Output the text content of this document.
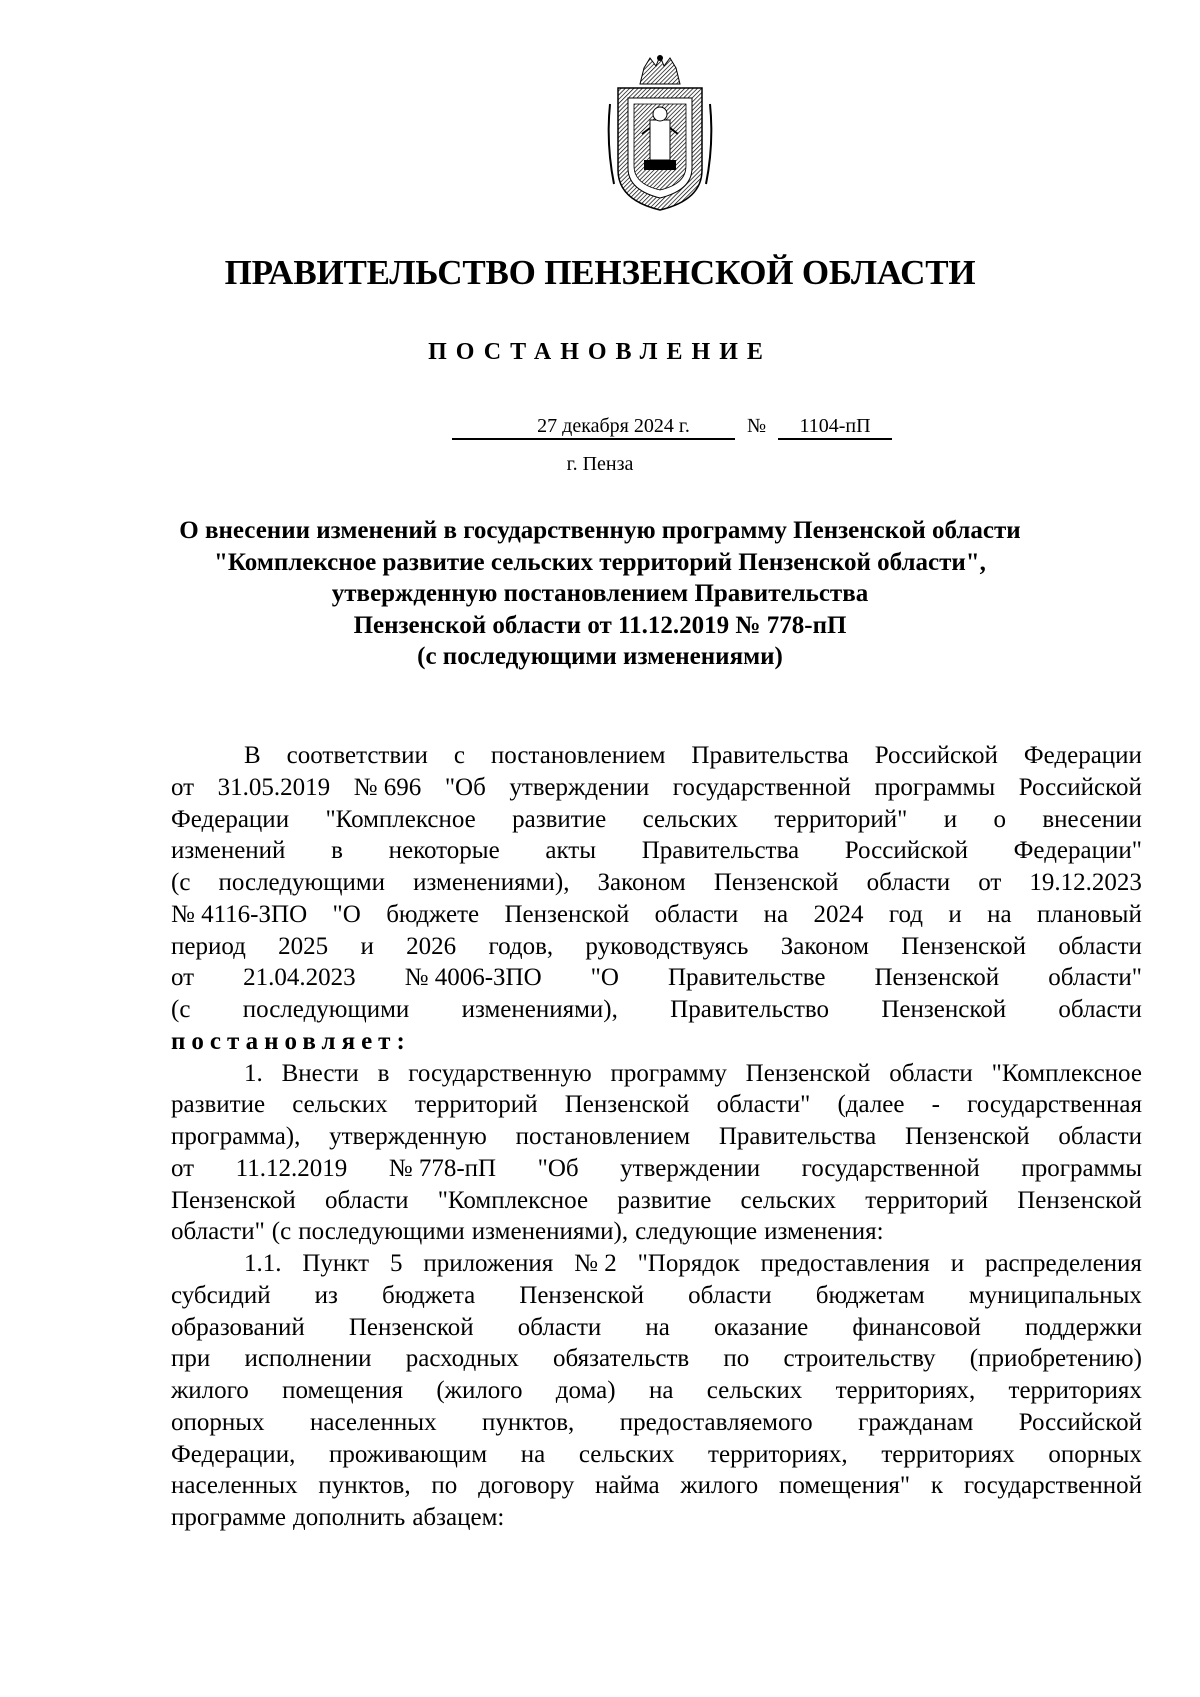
ПРАВИТЕЛЬСТВО ПЕНЗЕНСКОЙ ОБЛАСТИ
ПОСТАНОВЛЕНИЕ
27 декабря 2024 г.	№	1104-пП
г. Пенза
О внесении изменений в государственную программу Пензенской области
"Комплексное развитие сельских территорий Пензенской области",
утвержденную постановлением Правительства
Пензенской области от 11.12.2019 № 778-пП
(с последующими изменениями)
В соответствии с постановлением Правительства Российской Федерации
от 31.05.2019 № 696 "Об утверждении государственной программы Российской
Федерации "Комплексное развитие сельских территорий" и о внесении
изменений в некоторые акты Правительства Российской Федерации"
(с последующими изменениями), Законом Пензенской области от 19.12.2023
№ 4116-ЗПО "О бюджете Пензенской области на 2024 год и на плановый
период 2025 и 2026 годов, руководствуясь Законом Пензенской области
от 21.04.2023 № 4006-ЗПО "О Правительстве Пензенской области"
(с последующими изменениями), Правительство Пензенской области
постановляет:
1. Внести в государственную программу Пензенской области "Комплексное
развитие сельских территорий Пензенской области" (далее - государственная
программа), утвержденную постановлением Правительства Пензенской области
от 11.12.2019 № 778-пП "Об утверждении государственной программы
Пензенской области "Комплексное развитие сельских территорий Пензенской
области" (с последующими изменениями), следующие изменения:
1.1. Пункт 5 приложения № 2 "Порядок предоставления и распределения
субсидий из бюджета Пензенской области бюджетам муниципальных
образований Пензенской области на оказание финансовой поддержки
при исполнении расходных обязательств по строительству (приобретению)
жилого помещения (жилого дома) на сельских территориях, территориях
опорных населенных пунктов, предоставляемого гражданам Российской
Федерации, проживающим на сельских территориях, территориях опорных
населенных пунктов, по договору найма жилого помещения" к государственной
программе дополнить абзацем:
